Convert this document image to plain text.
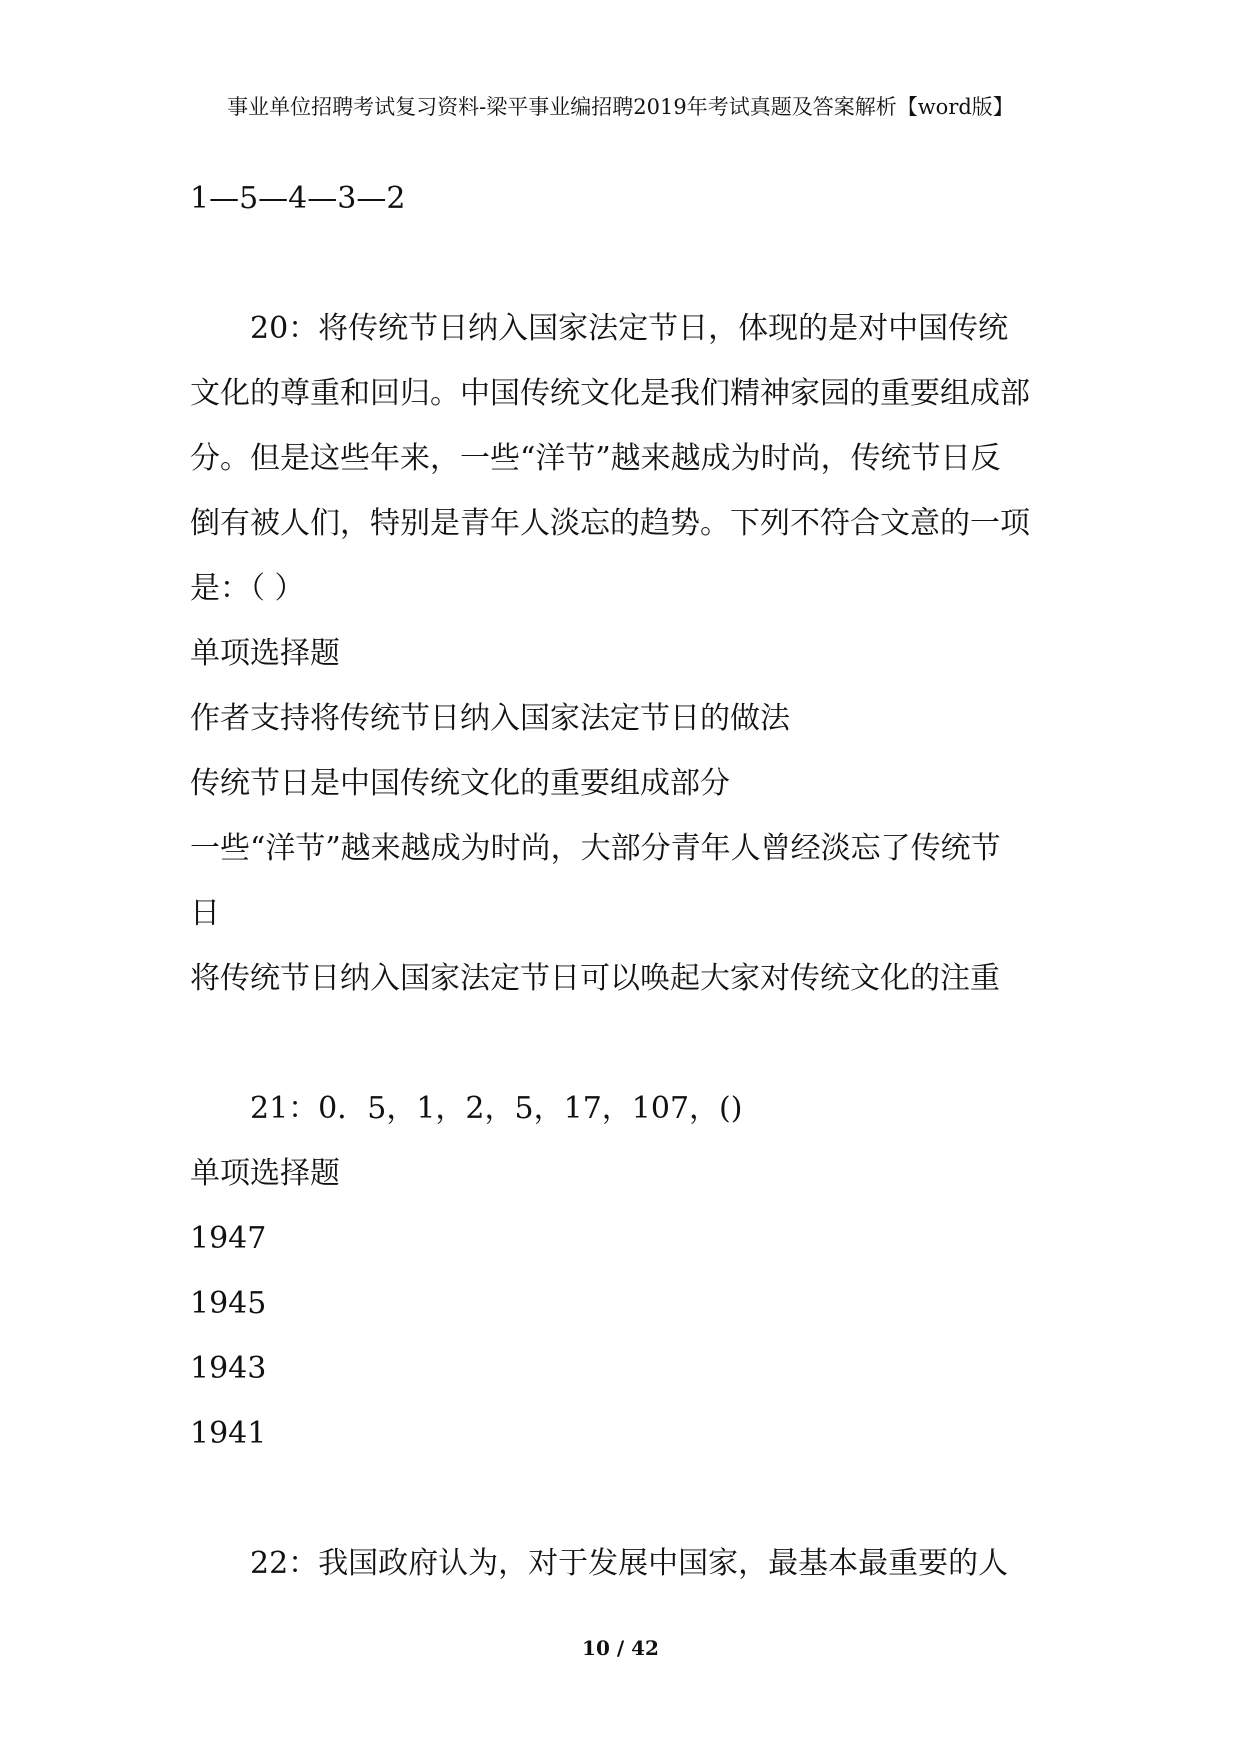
事业单位招聘考试复习资料-梁平事业编招聘2019年考试真题及答案解析【word版】
1—5—4—3—2
20：将传统节日纳入国家法定节日，体现的是对中国传统
文化的尊重和回归。中国传统文化是我们精神家园的重要组成部
分。但是这些年来，一些“洋节”越来越成为时尚，传统节日反
倒有被人们，特别是青年人淡忘的趋势。下列不符合文意的一项
是：（ ）
单项选择题
作者支持将传统节日纳入国家法定节日的做法
传统节日是中国传统文化的重要组成部分
一些“洋节”越来越成为时尚，大部分青年人曾经淡忘了传统节
日
将传统节日纳入国家法定节日可以唤起大家对传统文化的注重
21：0．5，1，2，5，17，107，()
单项选择题
1947
1945
1943
1941
22：我国政府认为，对于发展中国家，最基本最重要的人
10 / 42
